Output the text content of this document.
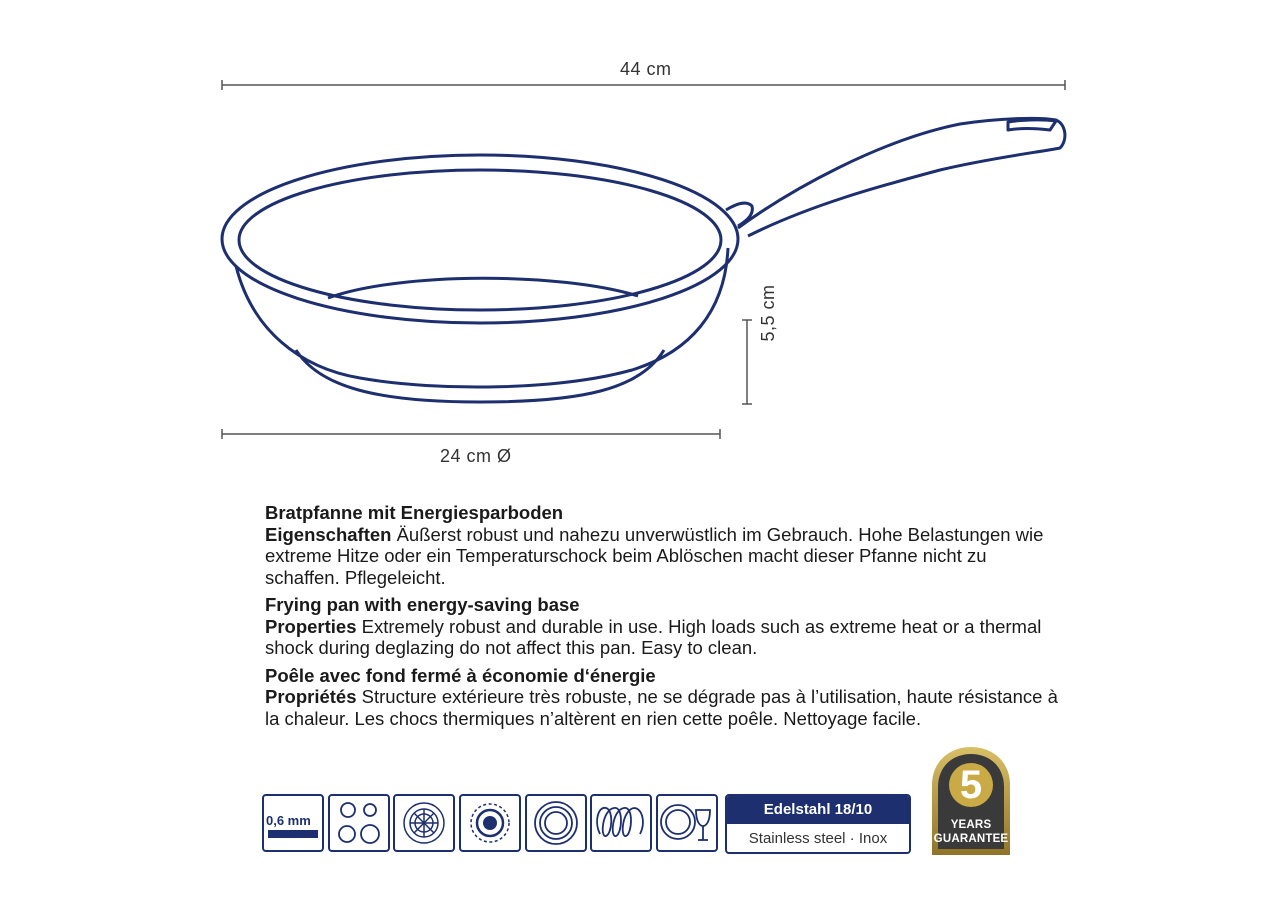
44 cm
5,5 cm
24 cm Ø

Bratpfanne mit Energiesparboden

Eigenschaften Äußerst robust und nahezu unverwüstlich im Gebrauch. Hohe Belastungen wie extreme Hitze oder ein Temperaturschock beim Ablöschen macht dieser Pfanne nicht zu schaffen. Pflegeleicht.

Frying pan with energy-saving base

Properties Extremely robust and durable in use. High loads such as extreme heat or a thermal shock during deglazing do not affect this pan. Easy to clean.

Poêle avec fond fermé à économie d‘énergie

Propriétés Structure extérieure très robuste, ne se dégrade pas à l’utilisation, haute résistance à la chaleur. Les chocs thermiques n’altèrent en rien cette poêle. Nettoyage facile.

0,6 mm
Edelstahl 18/10
Stainless steel · Inox
5
YEARS
GUARANTEE
